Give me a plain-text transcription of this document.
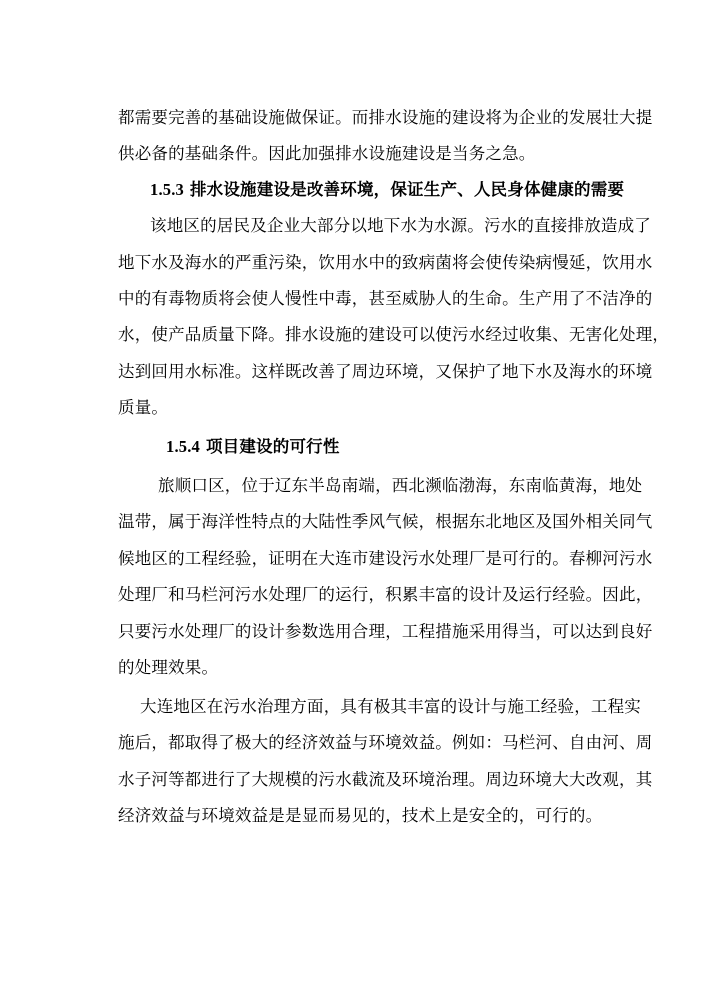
都需要完善的基础设施做保证。而排水设施的建设将为企业的发展壮大提
供必备的基础条件。因此加强排水设施建设是当务之急。
1.5.3 排水设施建设是改善环境，保证生产、人民身体健康的需要
该地区的居民及企业大部分以地下水为水源。污水的直接排放造成了
地下水及海水的严重污染，饮用水中的致病菌将会使传染病慢延，饮用水
中的有毒物质将会使人慢性中毒，甚至威胁人的生命。生产用了不洁净的
水，使产品质量下降。排水设施的建设可以使污水经过收集、无害化处理，
达到回用水标准。这样既改善了周边环境，又保护了地下水及海水的环境
质量。
1.5.4 项目建设的可行性
旅顺口区，位于辽东半岛南端，西北濒临渤海，东南临黄海，地处
温带，属于海洋性特点的大陆性季风气候，根据东北地区及国外相关同气
候地区的工程经验，证明在大连市建设污水处理厂是可行的。春柳河污水
处理厂和马栏河污水处理厂的运行，积累丰富的设计及运行经验。因此，
只要污水处理厂的设计参数选用合理，工程措施采用得当，可以达到良好
的处理效果。
大连地区在污水治理方面，具有极其丰富的设计与施工经验，工程实
施后，都取得了极大的经济效益与环境效益。例如：马栏河、自由河、周
水子河等都进行了大规模的污水截流及环境治理。周边环境大大改观，其
经济效益与环境效益是是显而易见的，技术上是安全的，可行的。
